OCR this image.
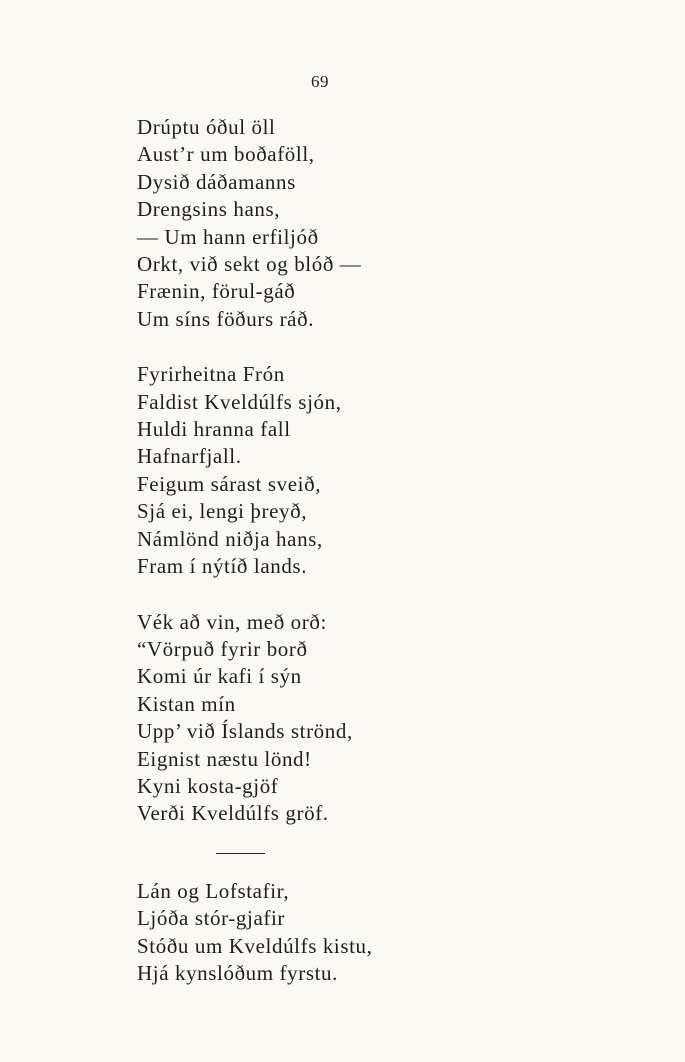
69
Drúptu óðul öll
Aust’r um boðaföll,
Dysið dáðamanns
Drengsins hans,
— Um hann erfiljóð
Orkt, við sekt og blóð —
Frænin, förul-gáð
Um síns föðurs ráð.
Fyrirheitna Frón
Faldist Kveldúlfs sjón,
Huldi hranna fall
Hafnarfjall.
Feigum sárast sveið,
Sjá ei, lengi þreyð,
Námlönd niðja hans,
Fram í nýtíð lands.
Vék að vin, með orð:
“Vörpuð fyrir borð
Komi úr kafi í sýn
Kistan mín
Upp’ við Íslands strönd,
Eignist næstu lönd!
Kyni kosta-gjöf
Verði Kveldúlfs gröf.
Lán og Lofstafir,
Ljóða stór-gjafir
Stóðu um Kveldúlfs kistu,
Hjá kynslóðum fyrstu.
